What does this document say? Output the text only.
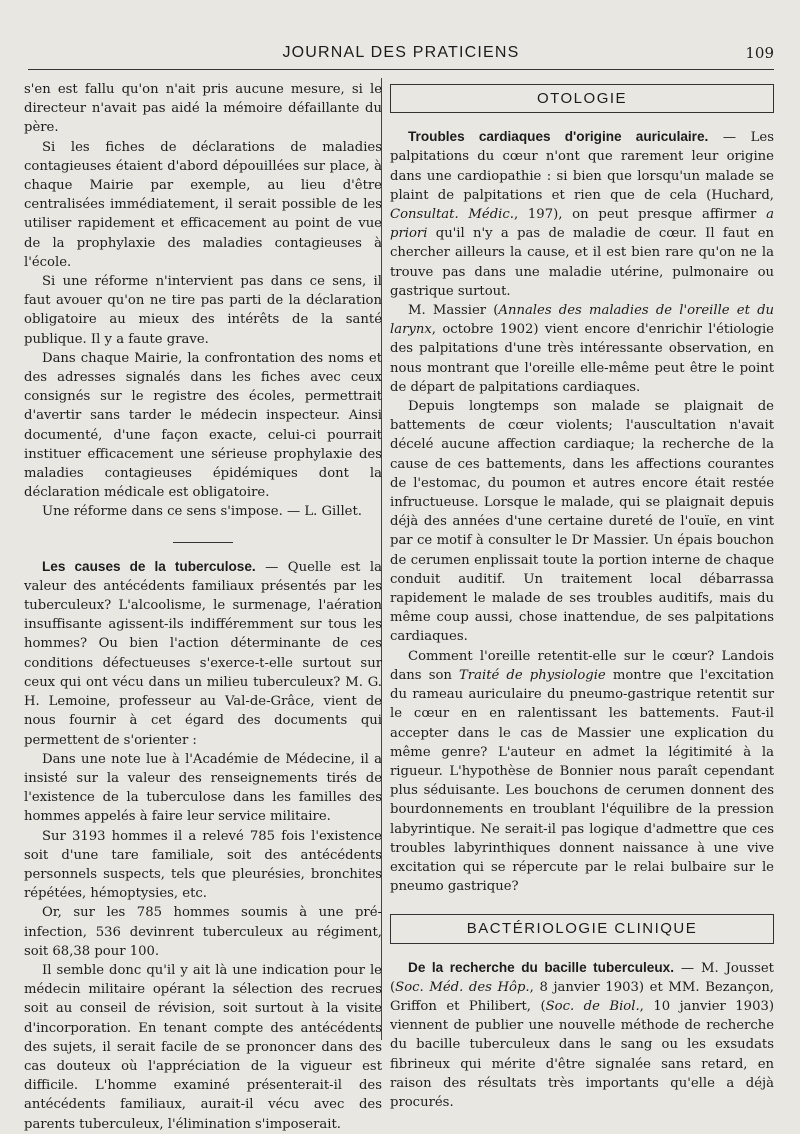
JOURNAL DES PRATICIENS	109

s'en est fallu qu'on n'ait pris aucune mesure, si le directeur n'avait pas aidé la mémoire défaillante du père.

Si les fiches de déclarations de maladies contagieuses étaient d'abord dépouillées sur place, à chaque Mairie par exemple, au lieu d'être centralisées immédiatement, il serait possible de les utiliser rapidement et efficacement au point de vue de la prophylaxie des maladies contagieuses à l'école.

Si une réforme n'intervient pas dans ce sens, il faut avouer qu'on ne tire pas parti de la déclaration obligatoire au mieux des intérêts de la santé publique. Il y a faute grave.

Dans chaque Mairie, la confrontation des noms et des adresses signalés dans les fiches avec ceux consignés sur le registre des écoles, permettrait d'avertir sans tarder le médecin inspecteur. Ainsi documenté, d'une façon exacte, celui-ci pourrait instituer efficacement une sérieuse prophylaxie des maladies contagieuses épidémiques dont la déclaration médicale est obligatoire.

Une réforme dans ce sens s'impose. — L. Gillet.

Les causes de la tuberculose. — Quelle est la valeur des antécédents familiaux présentés par les tuberculeux? L'alcoolisme, le surmenage, l'aération insuffisante agissent-ils indifféremment sur tous les hommes? Ou bien l'action déterminante de ces conditions défectueuses s'exerce-t-elle surtout sur ceux qui ont vécu dans un milieu tuberculeux? M. G. H. Lemoine, professeur au Val-de-Grâce, vient de nous fournir à cet égard des documents qui permettent de s'orienter :

Dans une note lue à l'Académie de Médecine, il a insisté sur la valeur des renseignements tirés de l'existence de la tuberculose dans les familles des hommes appelés à faire leur service militaire.

Sur 3193 hommes il a relevé 785 fois l'existence soit d'une tare familiale, soit des antécédents personnels suspects, tels que pleurésies, bronchites répétées, hémoptysies, etc.

Or, sur les 785 hommes soumis à une pré-infection, 536 devinrent tuberculeux au régiment, soit 68,38 pour 100.

Il semble donc qu'il y ait là une indication pour le médecin militaire opérant la sélection des recrues soit au conseil de révision, soit surtout à la visite d'incorporation. En tenant compte des antécédents des sujets, il serait facile de se prononcer dans des cas douteux où l'appréciation de la vigueur est difficile. L'homme examiné présenterait-il des antécédents familiaux, aurait-il vécu avec des parents tuberculeux, l'élimination s'imposerait.

OTOLOGIE

Troubles cardiaques d'origine auriculaire. — Les palpitations du cœur n'ont que rarement leur origine dans une cardiopathie : si bien que lorsqu'un malade se plaint de palpitations et rien que de cela (Huchard, Consultat. Médic., 197), on peut presque affirmer a priori qu'il n'y a pas de maladie de cœur. Il faut en chercher ailleurs la cause, et il est bien rare qu'on ne la trouve pas dans une maladie utérine, pulmonaire ou gastrique surtout.

M. Massier (Annales des maladies de l'oreille et du larynx, octobre 1902) vient encore d'enrichir l'étiologie des palpitations d'une très intéressante observation, en nous montrant que l'oreille elle-même peut être le point de départ de palpitations cardiaques.

Depuis longtemps son malade se plaignait de battements de cœur violents; l'auscultation n'avait décelé aucune affection cardiaque; la recherche de la cause de ces battements, dans les affections courantes de l'estomac, du poumon et autres encore était restée infructueuse. Lorsque le malade, qui se plaignait depuis déjà des années d'une certaine dureté de l'ouïe, en vint par ce motif à consulter le Dr Massier. Un épais bouchon de cerumen enplissait toute la portion interne de chaque conduit auditif. Un traitement local débarrassa rapidement le malade de ses troubles auditifs, mais du même coup aussi, chose inattendue, de ses palpitations cardiaques.

Comment l'oreille retentit-elle sur le cœur? Landois dans son Traité de physiologie montre que l'excitation du rameau auriculaire du pneumo-gastrique retentit sur le cœur en en ralentissant les battements. Faut-il accepter dans le cas de Massier une explication du même genre? L'auteur en admet la légitimité à la rigueur. L'hypothèse de Bonnier nous paraît cependant plus séduisante. Les bouchons de cerumen donnent des bourdonnements en troublant l'équilibre de la pression labyrintique. Ne serait-il pas logique d'admettre que ces troubles labyrinthiques donnent naissance à une vive excitation qui se répercute par le relai bulbaire sur le pneumo gastrique?

BACTÉRIOLOGIE CLINIQUE

De la recherche du bacille tuberculeux. — M. Jousset (Soc. Méd. des Hôp., 8 janvier 1903) et MM. Bezançon, Griffon et Philibert, (Soc. de Biol., 10 janvier 1903) viennent de publier une nouvelle méthode de recherche du bacille tuberculeux dans le sang ou les exsudats fibrineux qui mérite d'être signalée sans retard, en raison des résultats très importants qu'elle a déjà procurés.
